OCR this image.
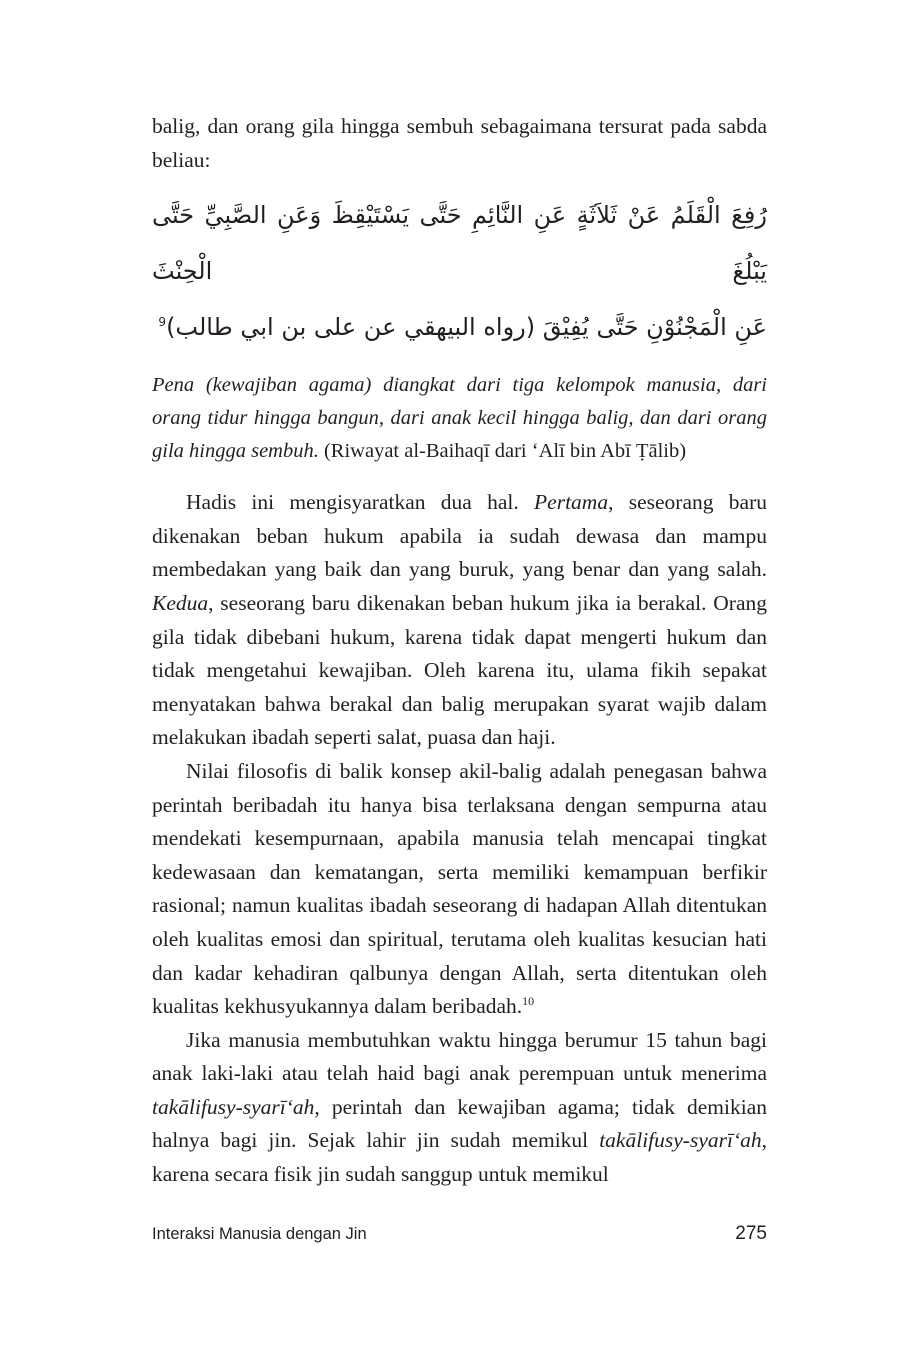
balig, dan orang gila hingga sembuh sebagaimana tersurat pada sabda beliau:

رُفِعَ الْقَلَمُ عَنْ ثَلاَثَةٍ عَنِ النَّائِمِ حَتَّى يَسْتَيْقِظَ وَعَنِ الصَّبِيِّ حَتَّى يَبْلُغَ الْحِنْثَ
عَنِ الْمَجْنُوْنِ حَتَّى يُفِيْقَ (رواه البيهقي عن على بن ابي طالب)$^9$

Pena (kewajiban agama) diangkat dari tiga kelompok manusia, dari orang tidur hingga bangun, dari anak kecil hingga balig, dan dari orang gila hingga sembuh. (Riwayat al-Baihaqī dari ‘Alī bin Abī Ṭālib)

Hadis ini mengisyaratkan dua hal. Pertama, seseorang baru dikenakan beban hukum apabila ia sudah dewasa dan mampu membedakan yang baik dan yang buruk, yang benar dan yang salah. Kedua, seseorang baru dikenakan beban hukum jika ia berakal. Orang gila tidak dibebani hukum, karena tidak dapat mengerti hukum dan tidak mengetahui kewajiban. Oleh karena itu, ulama fikih sepakat menyatakan bahwa berakal dan balig merupakan syarat wajib dalam melakukan ibadah seperti salat, puasa dan haji.

Nilai filosofis di balik konsep akil-balig adalah penegasan bahwa perintah beribadah itu hanya bisa terlaksana dengan sempurna atau mendekati kesempurnaan, apabila manusia telah mencapai tingkat kedewasaan dan kematangan, serta memiliki kemampuan berfikir rasional; namun kualitas ibadah seseorang di hadapan Allah ditentukan oleh kualitas emosi dan spiritual, terutama oleh kualitas kesucian hati dan kadar kehadiran qalbunya dengan Allah, serta ditentukan oleh kualitas kekhusyukannya dalam beribadah.$^{10}$

Jika manusia membutuhkan waktu hingga berumur 15 tahun bagi anak laki-laki atau telah haid bagi anak perempuan untuk menerima takālifusy-syarī‘ah, perintah dan kewajiban agama; tidak demikian halnya bagi jin. Sejak lahir jin sudah memikul takālifusy-syarī‘ah, karena secara fisik jin sudah sanggup untuk memikul

Interaksi Manusia dengan Jin	275
